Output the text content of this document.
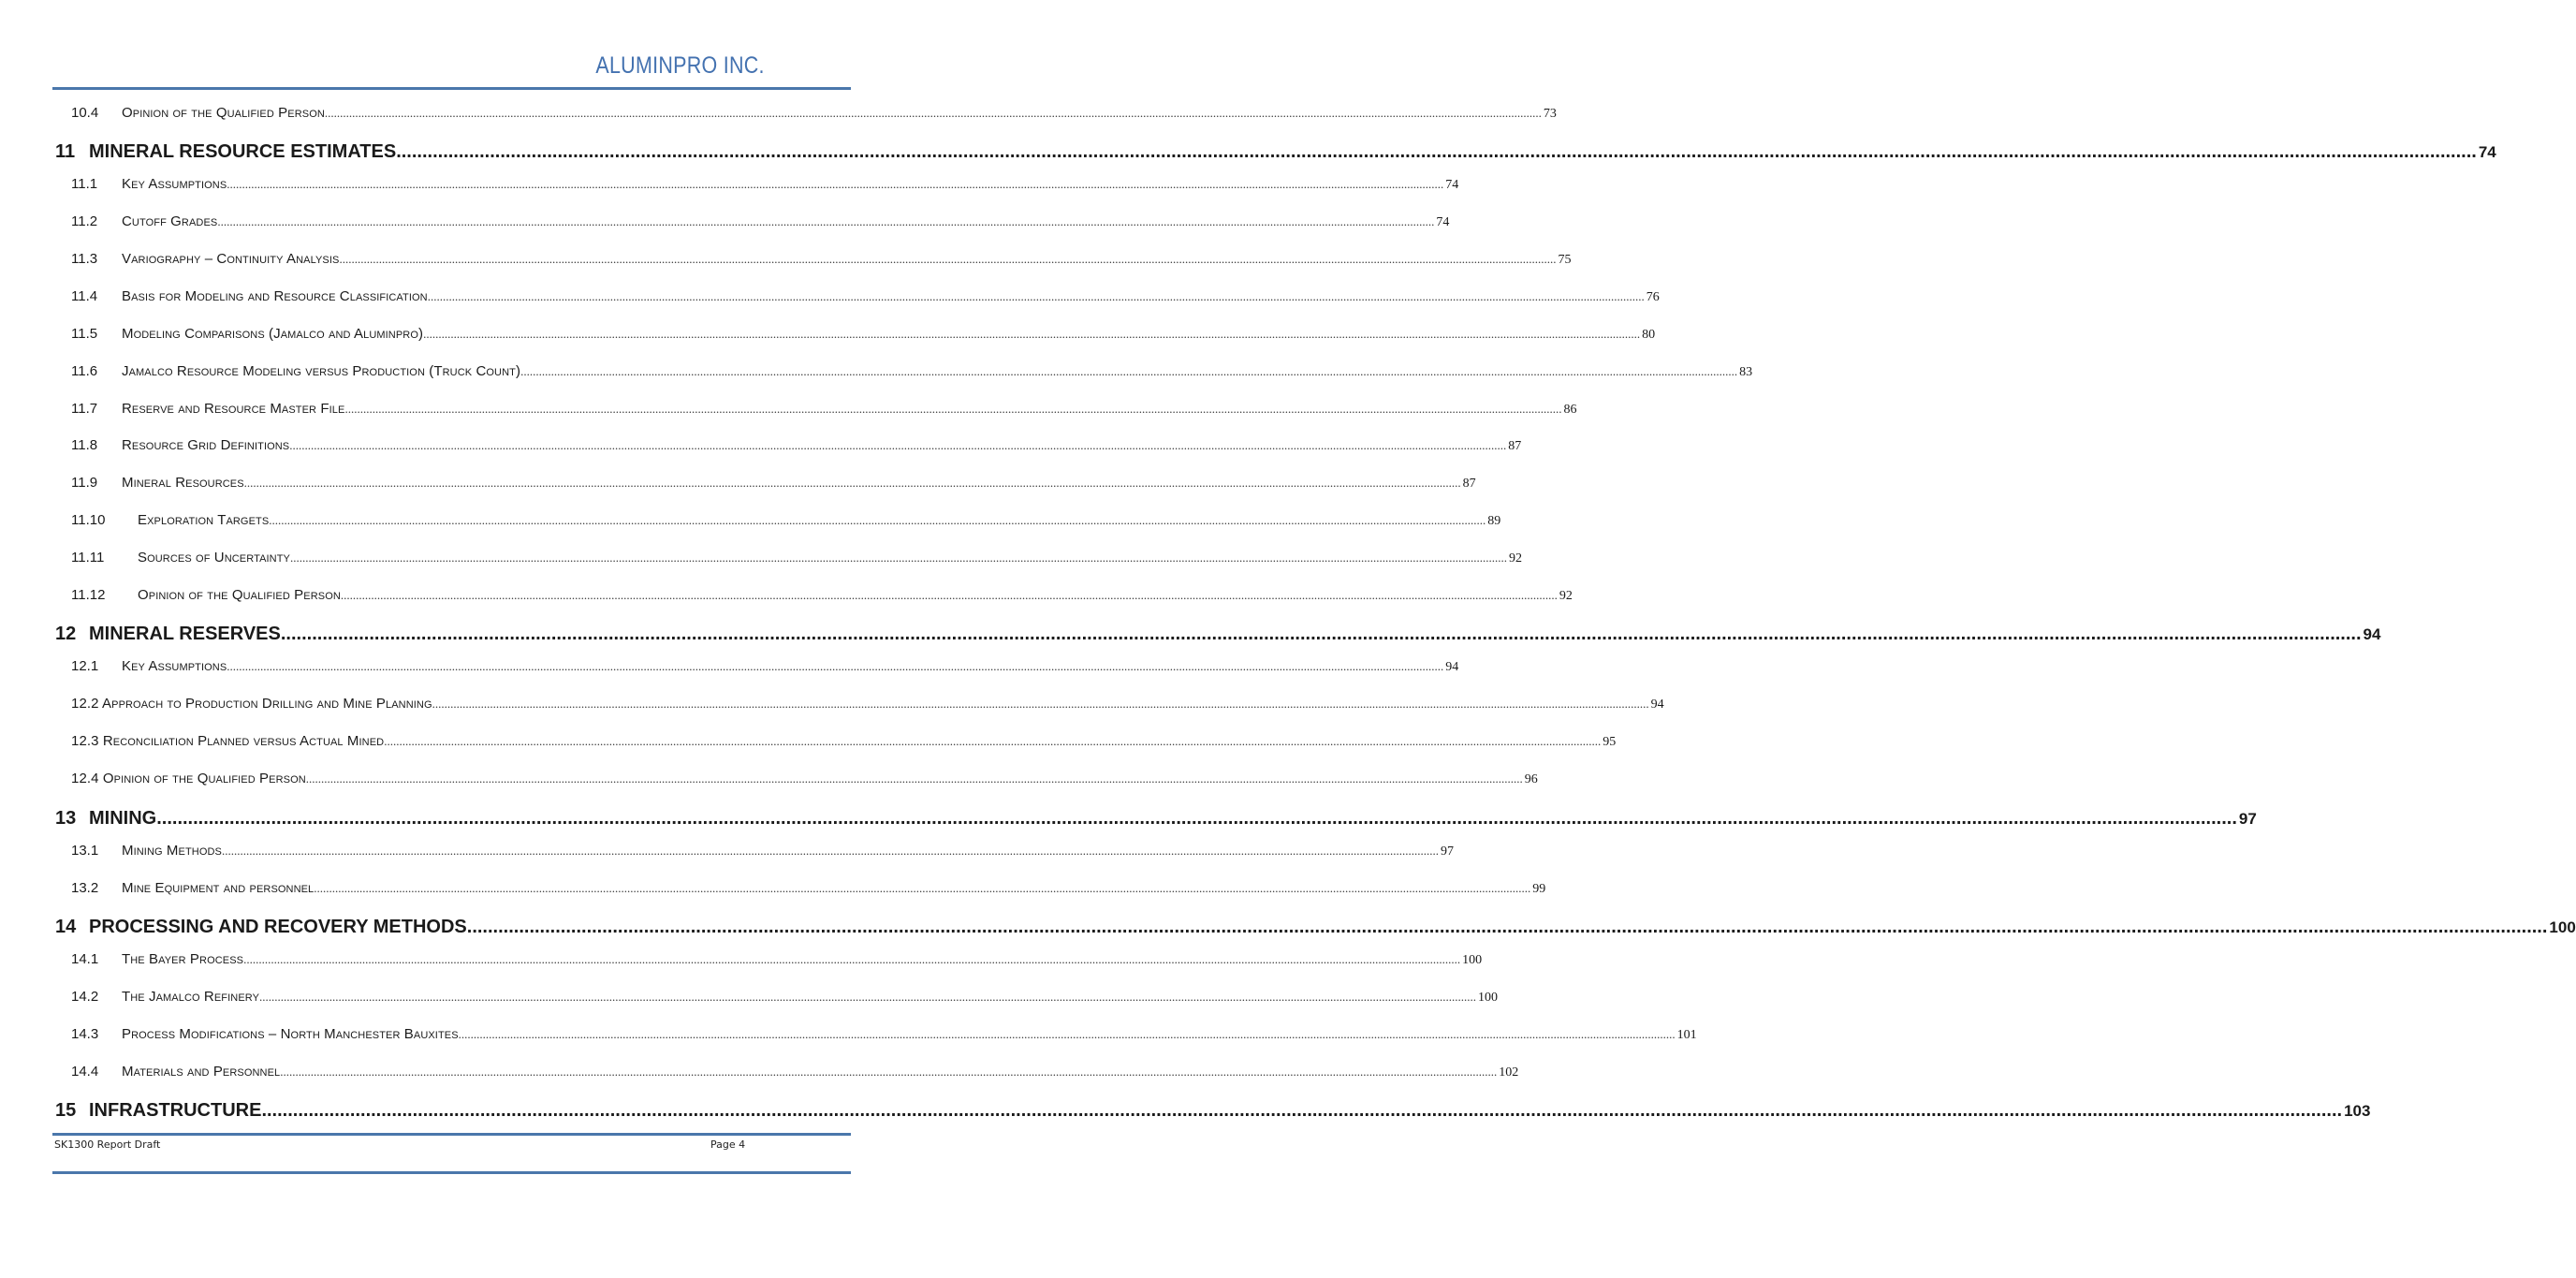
ALUMINPRO INC.
10.4	Opinion of the Qualified Person ................................................................................................................................................................................................................................................................................................................................................................................................................ 73
11 MINERAL RESOURCE ESTIMATES ................................................................................................................................................................................................................................................................................................................................................................................................................ 74
11.1	Key Assumptions ................................................................................................................................................................................................................................................................................................................................................................................................................ 74
11.2	Cutoff Grades ................................................................................................................................................................................................................................................................................................................................................................................................................ 74
11.3	Variography – Continuity Analysis ................................................................................................................................................................................................................................................................................................................................................................................................................ 75
11.4	Basis for Modeling and Resource Classification ................................................................................................................................................................................................................................................................................................................................................................................................................ 76
11.5	Modeling Comparisons (Jamalco and Aluminpro) ................................................................................................................................................................................................................................................................................................................................................................................................................ 80
11.6	Jamalco Resource Modeling versus Production (Truck Count) ................................................................................................................................................................................................................................................................................................................................................................................................................ 83
11.7	Reserve and Resource Master File ................................................................................................................................................................................................................................................................................................................................................................................................................ 86
11.8	Resource Grid Definitions ................................................................................................................................................................................................................................................................................................................................................................................................................ 87
11.9	Mineral Resources ................................................................................................................................................................................................................................................................................................................................................................................................................ 87
11.10	Exploration Targets ................................................................................................................................................................................................................................................................................................................................................................................................................ 89
11.11	Sources of Uncertainty ................................................................................................................................................................................................................................................................................................................................................................................................................ 92
11.12	Opinion of the Qualified Person ................................................................................................................................................................................................................................................................................................................................................................................................................ 92
12 MINERAL RESERVES ................................................................................................................................................................................................................................................................................................................................................................................................................ 94
12.1	Key Assumptions ................................................................................................................................................................................................................................................................................................................................................................................................................ 94
12.2 Approach to Production Drilling and Mine Planning ................................................................................................................................................................................................................................................................................................................................................................................................................ 94
12.3 Reconciliation Planned versus Actual Mined ................................................................................................................................................................................................................................................................................................................................................................................................................ 95
12.4 Opinion of the Qualified Person ................................................................................................................................................................................................................................................................................................................................................................................................................ 96
13 MINING ................................................................................................................................................................................................................................................................................................................................................................................................................ 97
13.1	Mining Methods ................................................................................................................................................................................................................................................................................................................................................................................................................ 97
13.2	Mine Equipment and personnel ................................................................................................................................................................................................................................................................................................................................................................................................................ 99
14 PROCESSING AND RECOVERY METHODS ................................................................................................................................................................................................................................................................................................................................................................................................................ 100
14.1	The Bayer Process ................................................................................................................................................................................................................................................................................................................................................................................................................ 100
14.2	The Jamalco Refinery ................................................................................................................................................................................................................................................................................................................................................................................................................ 100
14.3	Process Modifications – North Manchester Bauxites ................................................................................................................................................................................................................................................................................................................................................................................................................ 101
14.4	Materials and Personnel ................................................................................................................................................................................................................................................................................................................................................................................................................ 102
15 INFRASTRUCTURE ................................................................................................................................................................................................................................................................................................................................................................................................................ 103
SK1300 Report Draft	Page 4
